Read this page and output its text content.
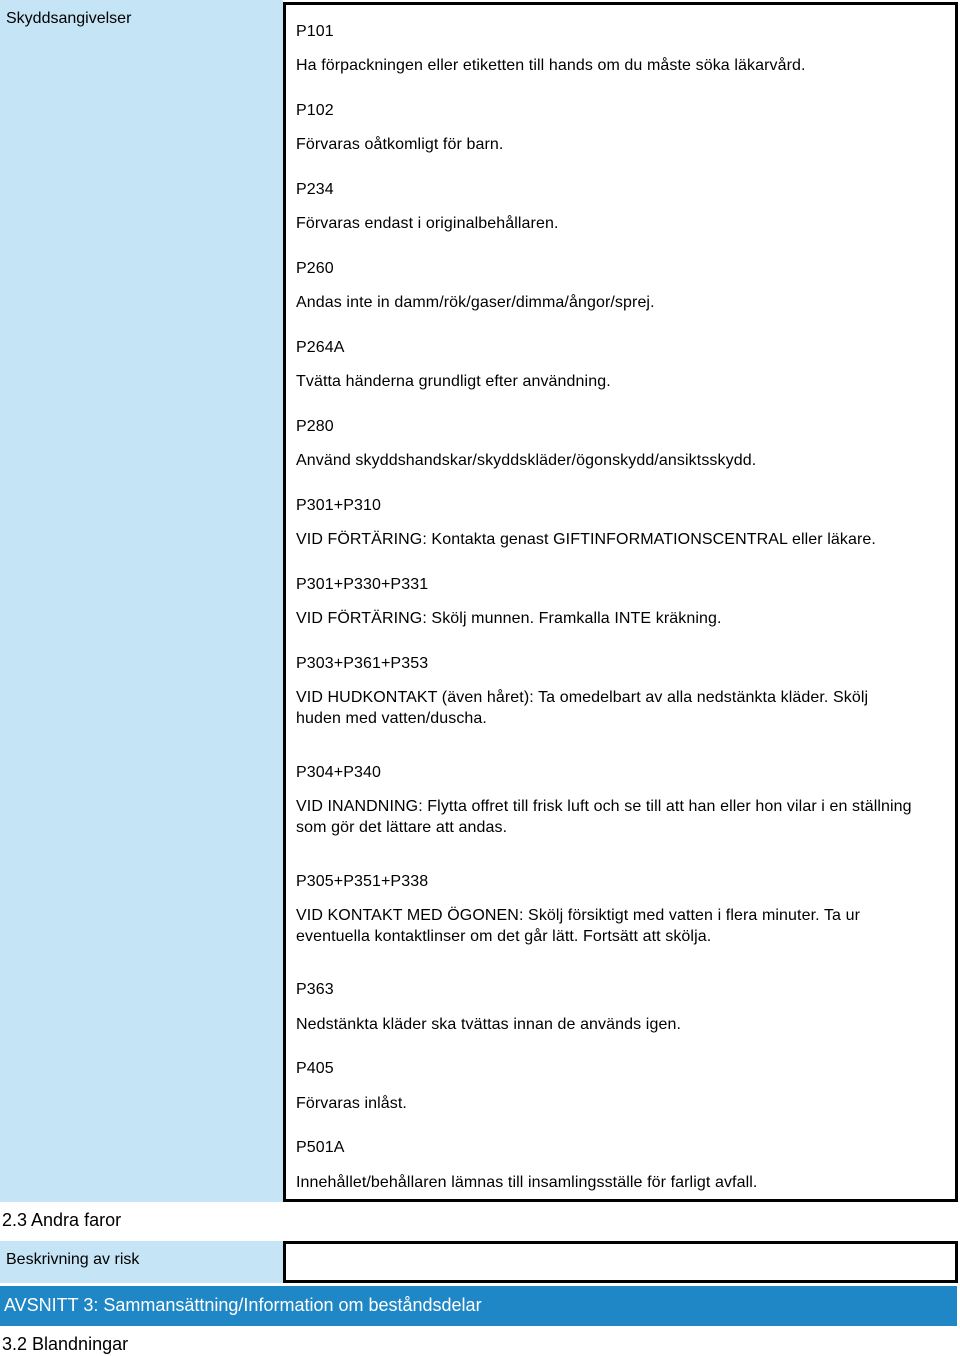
Skyddsangivelser
P101
Ha förpackningen eller etiketten till hands om du måste söka läkarvård.
P102
Förvaras oåtkomligt för barn.
P234
Förvaras endast i originalbehållaren.
P260
Andas inte in damm/rök/gaser/dimma/ångor/sprej.
P264A
Tvätta händerna grundligt efter användning.
P280
Använd skyddshandskar/skyddskläder/ögonskydd/ansiktsskydd.
P301+P310
VID FÖRTÄRING: Kontakta genast GIFTINFORMATIONSCENTRAL eller läkare.
P301+P330+P331
VID FÖRTÄRING: Skölj munnen. Framkalla INTE kräkning.
P303+P361+P353
VID HUDKONTAKT (även håret): Ta omedelbart av alla nedstänkta kläder. Skölj huden med vatten/duscha.
P304+P340
VID INANDNING: Flytta offret till frisk luft och se till att han eller hon vilar i en ställning som gör det lättare att andas.
P305+P351+P338
VID KONTAKT MED ÖGONEN: Skölj försiktigt med vatten i flera minuter. Ta ur eventuella kontaktlinser om det går lätt. Fortsätt att skölja.
P363
Nedstänkta kläder ska tvättas innan de används igen.
P405
Förvaras inlåst.
P501A
Innehållet/behållaren lämnas till insamlingsställe för farligt avfall.
2.3 Andra faror
Beskrivning av risk
AVSNITT 3: Sammansättning/Information om beståndsdelar
3.2 Blandningar
